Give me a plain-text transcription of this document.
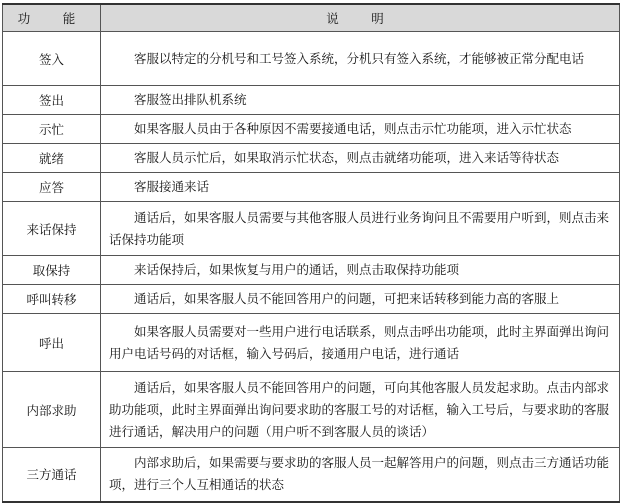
功　能	说　明
签入	客服以特定的分机号和工号签入系统，分机只有签入系统，才能够被正常分配电话

签出	客服签出排队机系统

示忙	如果客服人员由于各种原因不需要接通电话，则点击示忙功能项，进入示忙状态

就绪	客服人员示忙后，如果取消示忙状态，则点击就绪功能项，进入来话等待状态

应答	客服接通来话

来话保持	通话后，如果客服人员需要与其他客服人员进行业务询问且不需要用户听到，则点击来话保持功能项

取保持	来话保持后，如果恢复与用户的通话，则点击取保持功能项

呼叫转移	通话后，如果客服人员不能回答用户的问题，可把来话转移到能力高的客服上

呼出	如果客服人员需要对一些用户进行电话联系，则点击呼出功能项，此时主界面弹出询问用户电话号码的对话框，输入号码后，接通用户电话，进行通话

内部求助	通话后，如果客服人员不能回答用户的问题，可向其他客服人员发起求助。点击内部求助功能项，此时主界面弹出询问要求助的客服工号的对话框，输入工号后，与要求助的客服进行通话，解决用户的问题（用户听不到客服人员的谈话）

三方通话	内部求助后，如果需要与要求助的客服人员一起解答用户的问题，则点击三方通话功能项，进行三个人互相通话的状态
